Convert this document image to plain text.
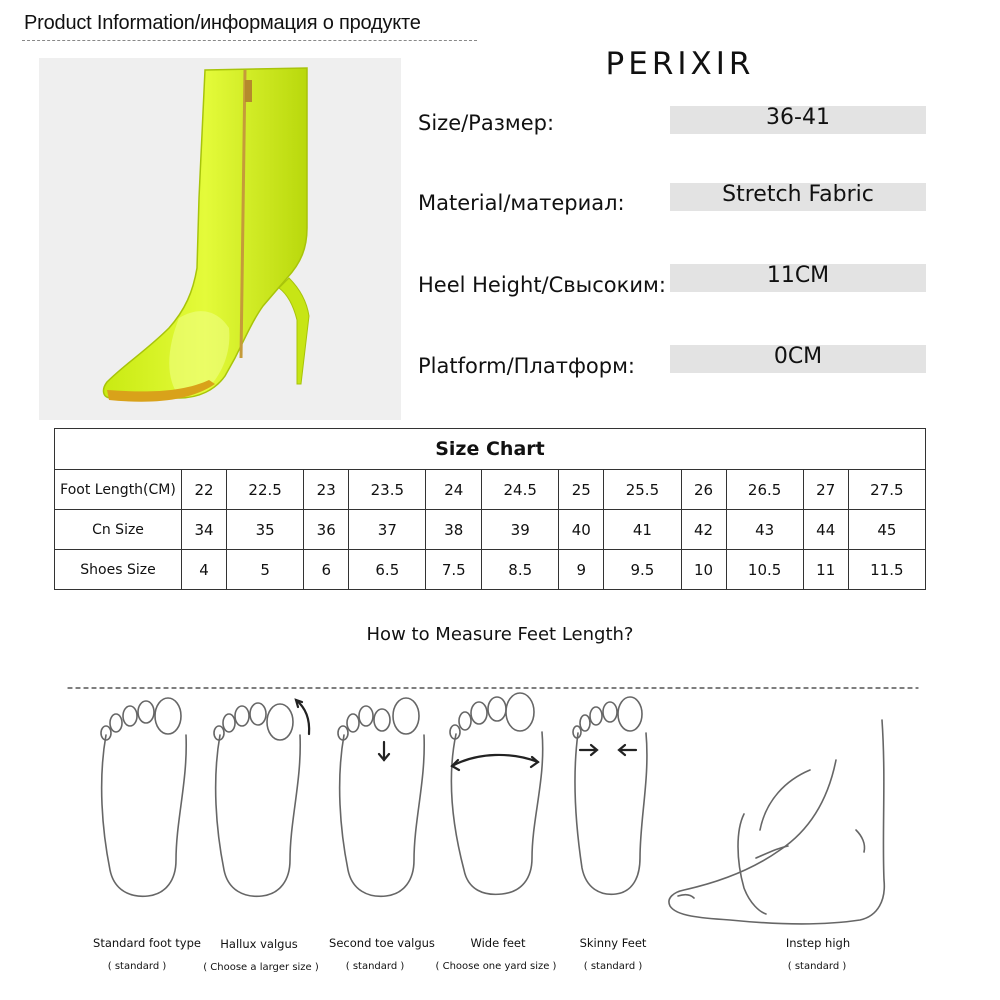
Product Information/информация о продукте
PERIXIR
Size/Размер:	36-41
Material/материал:	Stretch Fabric
Heel Height/Свысоким:	11CM
Platform/Платформ:	0CM
Size Chart												
Foot Length(CM)	22	22.5	23	23.5	24	24.5	25	25.5	26	26.5	27	27.5
Cn Size	34	35	36	37	38	39	40	41	42	43	44	45
Shoes Size	4	5	6	6.5	7.5	8.5	9	9.5	10	10.5	11	11.5
How to Measure Feet Length?
Standard foot type
( standard )
Hallux valgus
( Choose a larger size )
Second toe valgus
( standard )
Wide feet
( Choose one yard size )
Skinny Feet
( standard )
Instep high
( standard )
